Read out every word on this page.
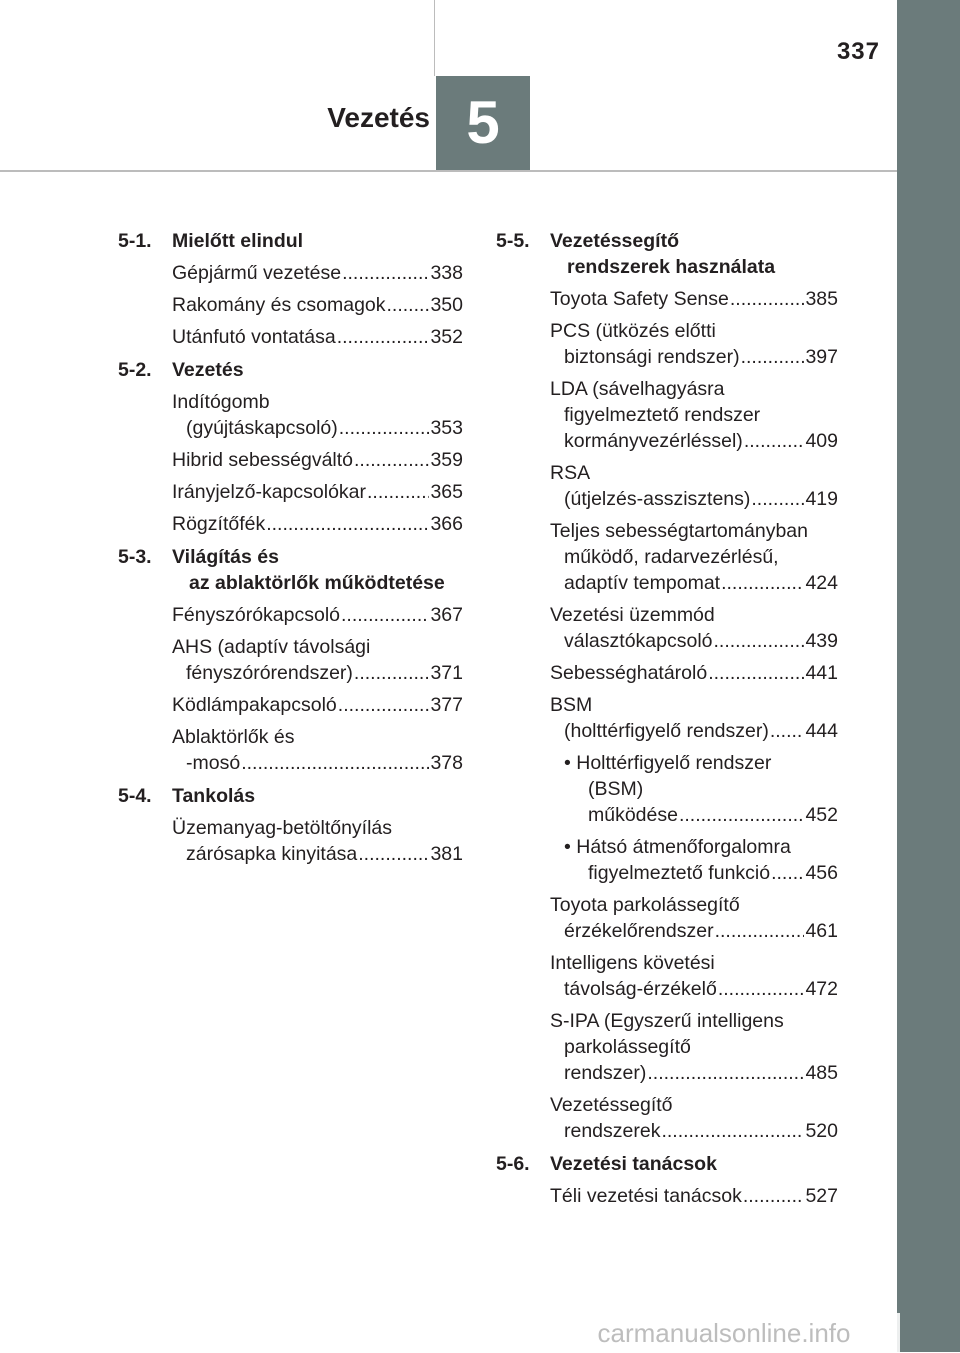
337
Vezetés 5
5-1.	Mielőtt elindul
Gépjármű vezetése .....	338
Rakomány és csomagok ..... 350
Utánfutó vontatása .....	352
5-2.	Vezetés
Indítógomb
(gyújtáskapcsoló) .....	353
Hibrid sebességváltó .....	359
Irányjelző-kapcsolókar .....	365
Rögzítőfék .....	366
5-3.	Világítás és
az ablaktörlők működtetése
Fényszórókapcsoló .....	367
AHS (adaptív távolsági
fényszórórendszer) .....	371
Ködlámpakapcsoló .....	377
Ablaktörlők és
-mosó .....	378
5-4.	Tankolás
Üzemanyag-betöltőnyílás
zárósapka kinyitása .....	381
5-5.	Vezetéssegítő
rendszerek használata
Toyota Safety Sense .....	385
PCS (ütközés előtti
biztonsági rendszer) .....	397
LDA (sávelhagyásra
figyelmeztető rendszer
kormányvezérléssel) .....	409
RSA
(útjelzés-asszisztens) .....	419
Teljes sebességtartományban
működő, radarvezérlésű,
adaptív tempomat .....	424
Vezetési üzemmód
választókapcsoló .....	439
Sebességhatároló .....	441
BSM
(holttérfigyelő rendszer) ..... 444
• Holttérfigyelő rendszer
(BSM)
működése .....	452
• Hátsó átmenőforgalomra
figyelmeztető funkció ..... 456
Toyota parkolássegítő
érzékelőrendszer .....	461
Intelligens követési
távolság-érzékelő .....	472
S-IPA (Egyszerű intelligens
parkolássegítő
rendszer) .....	485
Vezetéssegítő
rendszerek .....	520
5-6.	Vezetési tanácsok
Téli vezetési tanácsok .....	527
carmanualsonline.info
